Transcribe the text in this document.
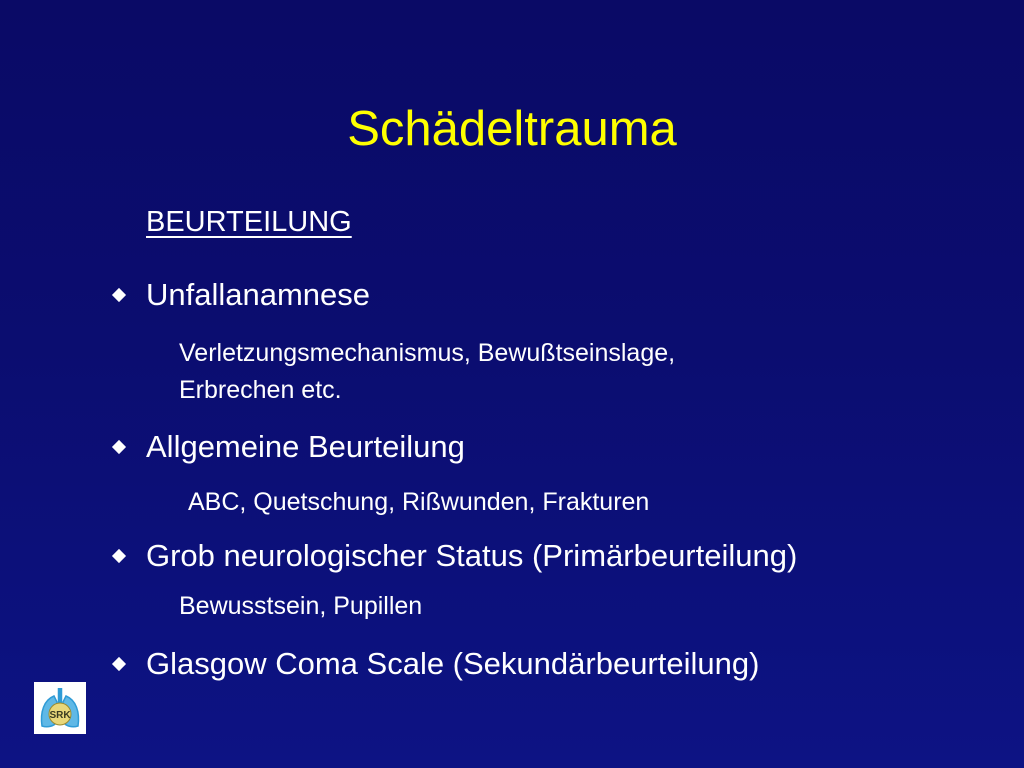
Schädeltrauma
BEURTEILUNG
Unfallanamnese
Verletzungsmechanismus, Bewußtseinslage,
Erbrechen etc.
Allgemeine Beurteilung
ABC, Quetschung, Rißwunden, Frakturen
Grob neurologischer Status (Primärbeurteilung)
Bewusstsein, Pupillen
Glasgow Coma Scale (Sekundärbeurteilung)
SRK
